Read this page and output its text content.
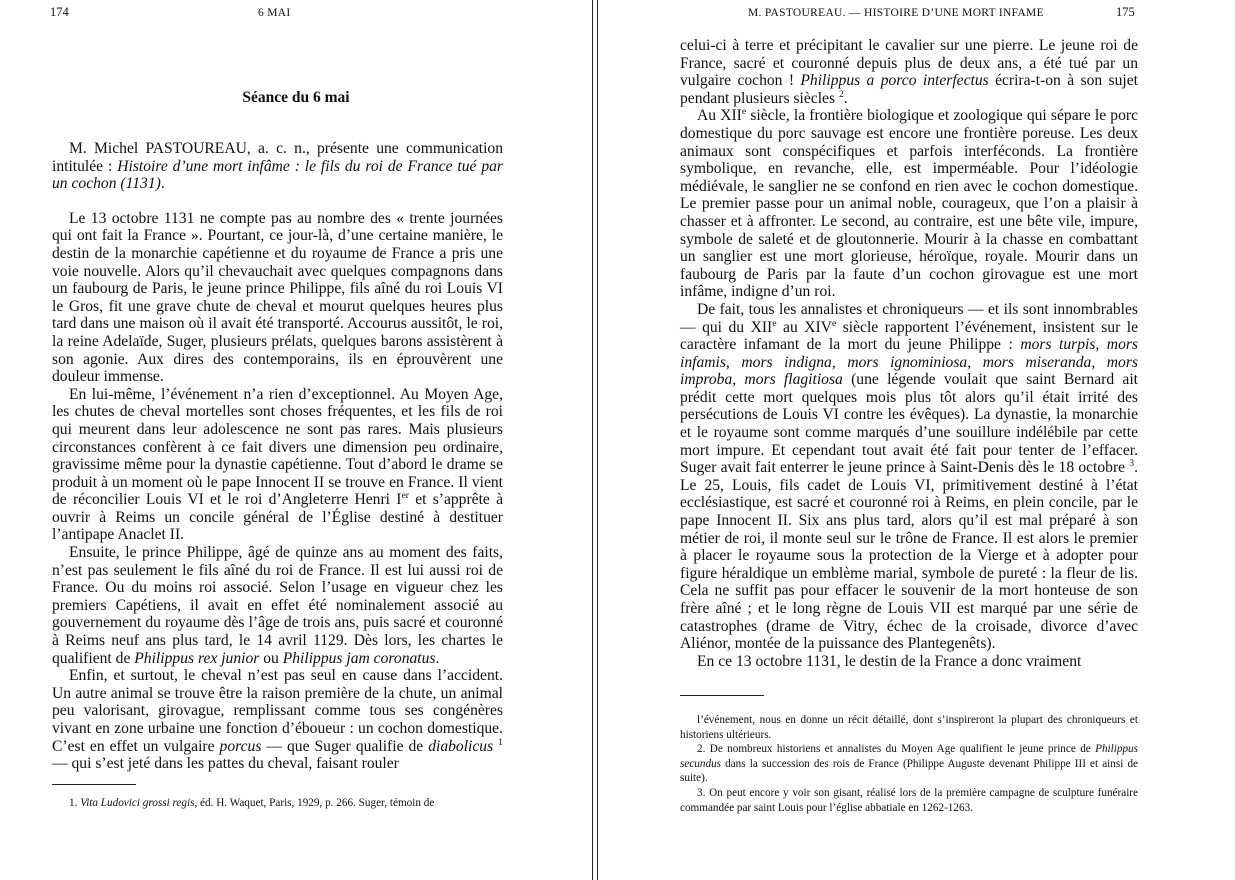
174	6 MAI
Séance du 6 mai

M. Michel PASTOUREAU, a. c. n., présente une communication intitulée : Histoire d’une mort infâme : le fils du roi de France tué par un cochon (1131).

Le 13 octobre 1131 ne compte pas au nombre des « trente journées qui ont fait la France ». Pourtant, ce jour-là, d’une certaine manière, le destin de la monarchie capétienne et du royaume de France a pris une voie nouvelle. Alors qu’il chevauchait avec quelques compagnons dans un faubourg de Paris, le jeune prince Philippe, fils aîné du roi Louis VI le Gros, fit une grave chute de cheval et mourut quelques heures plus tard dans une maison où il avait été transporté. Accourus aussitôt, le roi, la reine Adelaïde, Suger, plusieurs prélats, quelques barons assistèrent à son agonie. Aux dires des contemporains, ils en éprouvèrent une douleur immense.

En lui-même, l’événement n’a rien d’exceptionnel. Au Moyen Age, les chutes de cheval mortelles sont choses fréquentes, et les fils de roi qui meurent dans leur adolescence ne sont pas rares. Mais plusieurs circonstances confèrent à ce fait divers une dimension peu ordinaire, gravissime même pour la dynastie capétienne. Tout d’abord le drame se produit à un moment où le pape Innocent II se trouve en France. Il vient de réconcilier Louis VI et le roi d’Angleterre Henri Ier et s’apprête à ouvrir à Reims un concile général de l’Église destiné à destituer l’antipape Anaclet II.

Ensuite, le prince Philippe, âgé de quinze ans au moment des faits, n’est pas seulement le fils aîné du roi de France. Il est lui aussi roi de France. Ou du moins roi associé. Selon l’usage en vigueur chez les premiers Capétiens, il avait en effet été nominalement associé au gouvernement du royaume dès l’âge de trois ans, puis sacré et couronné à Reims neuf ans plus tard, le 14 avril 1129. Dès lors, les chartes le qualifient de Philippus rex junior ou Philippus jam coronatus.

Enfin, et surtout, le cheval n’est pas seul en cause dans l’accident. Un autre animal se trouve être la raison première de la chute, un animal peu valorisant, girovague, remplissant comme tous ses congénères vivant en zone urbaine une fonction d’éboueur : un cochon domestique. C’est en effet un vulgaire porcus — que Suger qualifie de diabolicus $^1$ — qui s’est jeté dans les pattes du cheval, faisant rouler

1. Vita Ludovici grossi regis, éd. H. Waquet, Paris, 1929, p. 266. Suger, témoin de

M. PASTOUREAU. — HISTOIRE D’UNE MORT INFAME	175

celui-ci à terre et précipitant le cavalier sur une pierre. Le jeune roi de France, sacré et couronné depuis plus de deux ans, a été tué par un vulgaire cochon ! Philippus a porco interfectus écrira-t-on à son sujet pendant plusieurs siècles $^2$.

Au XIIe siècle, la frontière biologique et zoologique qui sépare le porc domestique du porc sauvage est encore une frontière poreuse. Les deux animaux sont conspécifiques et parfois interféconds. La frontière symbolique, en revanche, elle, est imperméable. Pour l’idéologie médiévale, le sanglier ne se confond en rien avec le cochon domestique. Le premier passe pour un animal noble, courageux, que l’on a plaisir à chasser et à affronter. Le second, au contraire, est une bête vile, impure, symbole de saleté et de gloutonnerie. Mourir à la chasse en combattant un sanglier est une mort glorieuse, héroïque, royale. Mourir dans un faubourg de Paris par la faute d’un cochon girovague est une mort infâme, indigne d’un roi.

De fait, tous les annalistes et chroniqueurs — et ils sont innombrables — qui du XIIe au XIVe siècle rapportent l’événement, insistent sur le caractère infamant de la mort du jeune Philippe : mors turpis, mors infamis, mors indigna, mors ignominiosa, mors miseranda, mors improba, mors flagitiosa (une légende voulait que saint Bernard ait prédit cette mort quelques mois plus tôt alors qu’il était irrité des persécutions de Louis VI contre les évêques). La dynastie, la monarchie et le royaume sont comme marqués d’une souillure indélébile par cette mort impure. Et cependant tout avait été fait pour tenter de l’effacer. Suger avait fait enterrer le jeune prince à Saint-Denis dès le 18 octobre $^3$. Le 25, Louis, fils cadet de Louis VI, primitivement destiné à l’état ecclésiastique, est sacré et couronné roi à Reims, en plein concile, par le pape Innocent II. Six ans plus tard, alors qu’il est mal préparé à son métier de roi, il monte seul sur le trône de France. Il est alors le premier à placer le royaume sous la protection de la Vierge et à adopter pour figure héraldique un emblème marial, symbole de pureté : la fleur de lis. Cela ne suffit pas pour effacer le souvenir de la mort honteuse de son frère aîné ; et le long règne de Louis VII est marqué par une série de catastrophes (drame de Vitry, échec de la croisade, divorce d’avec Aliénor, montée de la puissance des Plantegenêts).

En ce 13 octobre 1131, le destin de la France a donc vraiment

l’événement, nous en donne un récit détaillé, dont s’inspireront la plupart des chroniqueurs et historiens ultérieurs.

2. De nombreux historiens et annalistes du Moyen Age qualifient le jeune prince de Philippus secundus dans la succession des rois de France (Philippe Auguste devenant Philippe III et ainsi de suite).

3. On peut encore y voir son gisant, réalisé lors de la première campagne de sculpture funéraire commandée par saint Louis pour l’église abbatiale en 1262-1263.
